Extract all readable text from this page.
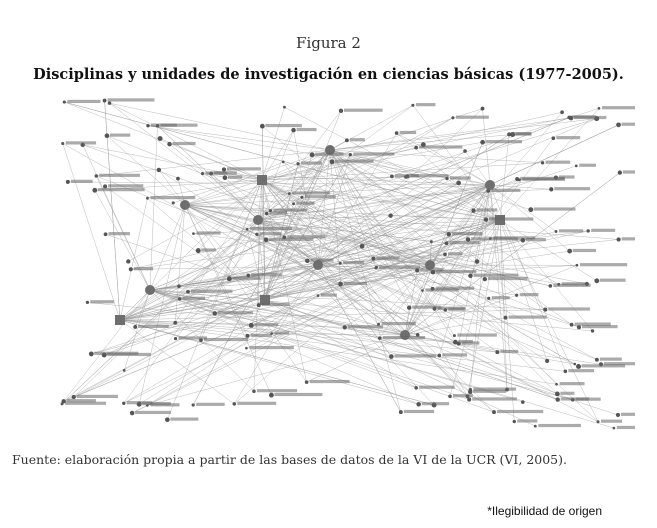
Figura 2
Disciplinas y unidades de investigación en ciencias básicas (1977-2005).
Fuente: elaboración propia a partir de las bases de datos de la VI de la UCR (VI, 2005).
*Ilegibilidad de origen
